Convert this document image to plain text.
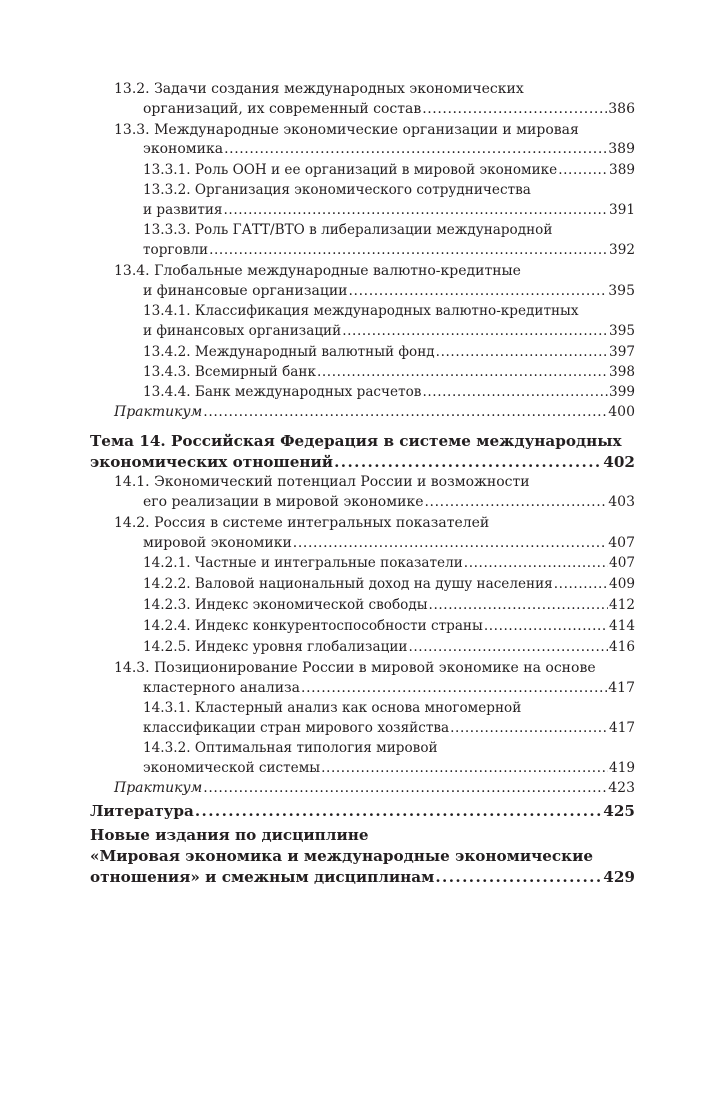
13.2. Задачи создания международных экономических
организаций, их современный состав .....	386
13.3. Международные экономические организации и мировая
экономика .....	389
13.3.1. Роль ООН и ее организаций в мировой экономике .....	389
13.3.2. Организация экономического сотрудничества
и развития .....	391
13.3.3. Роль ГАТТ/ВТО в либерализации международной
торговли .....	392
13.4. Глобальные международные валютно-кредитные
и финансовые организации .....	395
13.4.1. Классификация международных валютно-кредитных
и финансовых организаций .....	395
13.4.2. Международный валютный фонд .....	397
13.4.3. Всемирный банк .....	398
13.4.4. Банк международных расчетов .....	399
Практикум .....	400
Тема 14. Российская Федерация в системе международных
экономических отношений .....	402
14.1. Экономический потенциал России и возможности
его реализации в мировой экономике .....	403
14.2. Россия в системе интегральных показателей
мировой экономики .....	407
14.2.1. Частные и интегральные показатели .....	407
14.2.2. Валовой национальный доход на душу населения .....	409
14.2.3. Индекс экономической свободы .....	412
14.2.4. Индекс конкурентоспособности страны .....	414
14.2.5. Индекс уровня глобализации .....	416
14.3. Позиционирование России в мировой экономике на основе
кластерного анализа .....	417
14.3.1. Кластерный анализ как основа многомерной
классификации стран мирового хозяйства .....	417
14.3.2. Оптимальная типология мировой
экономической системы .....	419
Практикум .....	423
Литература .....	425
Новые издания по дисциплине
«Мировая экономика и международные экономические
отношения» и смежным дисциплинам .....	429
